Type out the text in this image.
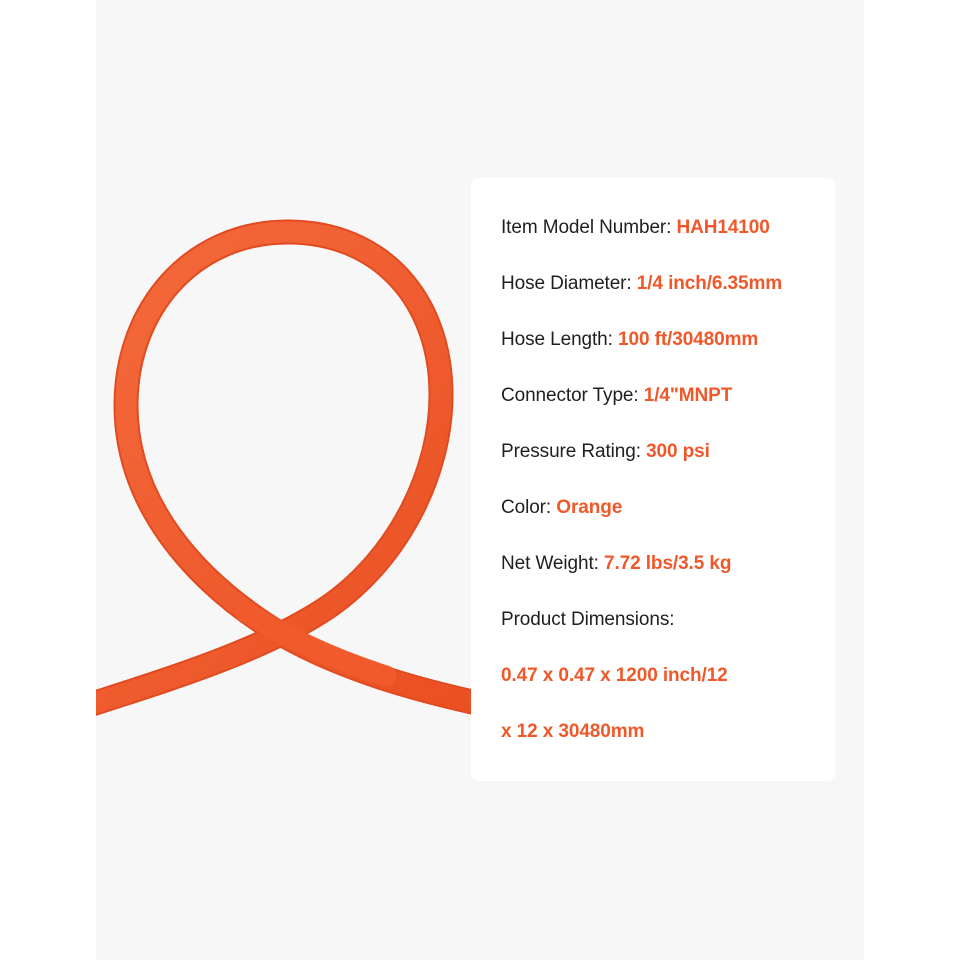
Item Model Number: HAH14100
Hose Diameter: 1/4 inch/6.35mm
Hose Length: 100 ft/30480mm
Connector Type: 1/4"MNPT
Pressure Rating: 300 psi
Color: Orange
Net Weight: 7.72 lbs/3.5 kg
Product Dimensions:
0.47 x 0.47 x 1200 inch/12
x 12 x 30480mm
